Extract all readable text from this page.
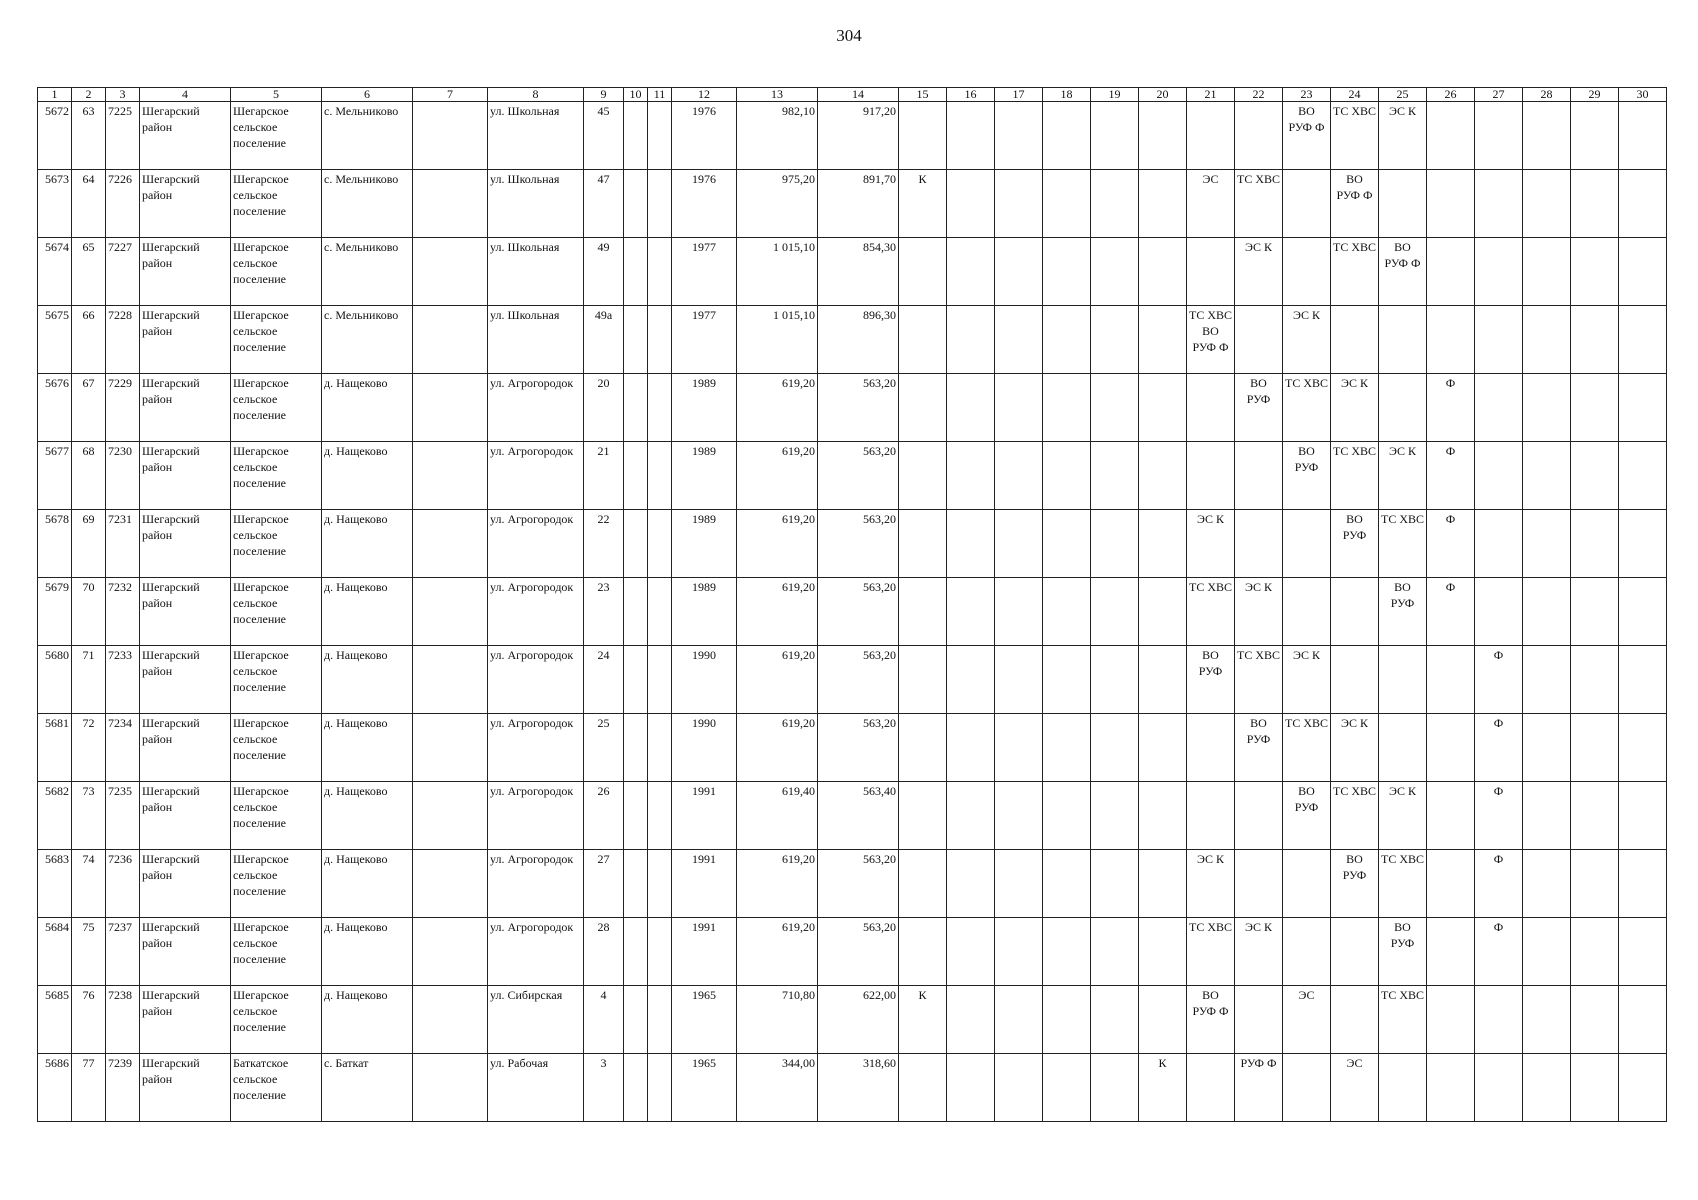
304
1	2	3	4	5	6	7	8	9	10	11	12	13	14	15	16	17	18	19	20	21	22	23	24	25	26	27	28	29	30
5672	63	7225	Шегарский район	Шегарское сельское поселение	с. Мельниково		ул. Школьная	45			1976	982,10	917,20									ВО РУФ Ф	ТС ХВС	ЭС К					
5673	64	7226	Шегарский район	Шегарское сельское поселение	с. Мельниково		ул. Школьная	47			1976	975,20	891,70	К						ЭС	ТС ХВС		ВО РУФ Ф						
5674	65	7227	Шегарский район	Шегарское сельское поселение	с. Мельниково		ул. Школьная	49			1977	1 015,10	854,30								ЭС К		ТС ХВС	ВО РУФ Ф					
5675	66	7228	Шегарский район	Шегарское сельское поселение	с. Мельниково		ул. Школьная	49а			1977	1 015,10	896,30							ТС ХВС ВО РУФ Ф		ЭС К							
5676	67	7229	Шегарский район	Шегарское сельское поселение	д. Нащеково		ул. Агрогородок	20			1989	619,20	563,20								ВО РУФ	ТС ХВС	ЭС К		Ф				
5677	68	7230	Шегарский район	Шегарское сельское поселение	д. Нащеково		ул. Агрогородок	21			1989	619,20	563,20									ВО РУФ	ТС ХВС	ЭС К	Ф				
5678	69	7231	Шегарский район	Шегарское сельское поселение	д. Нащеково		ул. Агрогородок	22			1989	619,20	563,20							ЭС К			ВО РУФ	ТС ХВС	Ф				
5679	70	7232	Шегарский район	Шегарское сельское поселение	д. Нащеково		ул. Агрогородок	23			1989	619,20	563,20							ТС ХВС	ЭС К			ВО РУФ	Ф				
5680	71	7233	Шегарский район	Шегарское сельское поселение	д. Нащеково		ул. Агрогородок	24			1990	619,20	563,20							ВО РУФ	ТС ХВС	ЭС К				Ф			
5681	72	7234	Шегарский район	Шегарское сельское поселение	д. Нащеково		ул. Агрогородок	25			1990	619,20	563,20								ВО РУФ	ТС ХВС	ЭС К			Ф			
5682	73	7235	Шегарский район	Шегарское сельское поселение	д. Нащеково		ул. Агрогородок	26			1991	619,40	563,40									ВО РУФ	ТС ХВС	ЭС К		Ф			
5683	74	7236	Шегарский район	Шегарское сельское поселение	д. Нащеково		ул. Агрогородок	27			1991	619,20	563,20							ЭС К			ВО РУФ	ТС ХВС		Ф			
5684	75	7237	Шегарский район	Шегарское сельское поселение	д. Нащеково		ул. Агрогородок	28			1991	619,20	563,20							ТС ХВС	ЭС К			ВО РУФ		Ф			
5685	76	7238	Шегарский район	Шегарское сельское поселение	д. Нащеково		ул. Сибирская	4			1965	710,80	622,00	К						ВО РУФ Ф		ЭС		ТС ХВС					
5686	77	7239	Шегарский район	Баткатское сельское поселение	с. Баткат		ул. Рабочая	3			1965	344,00	318,60						К		РУФ Ф		ЭС						
